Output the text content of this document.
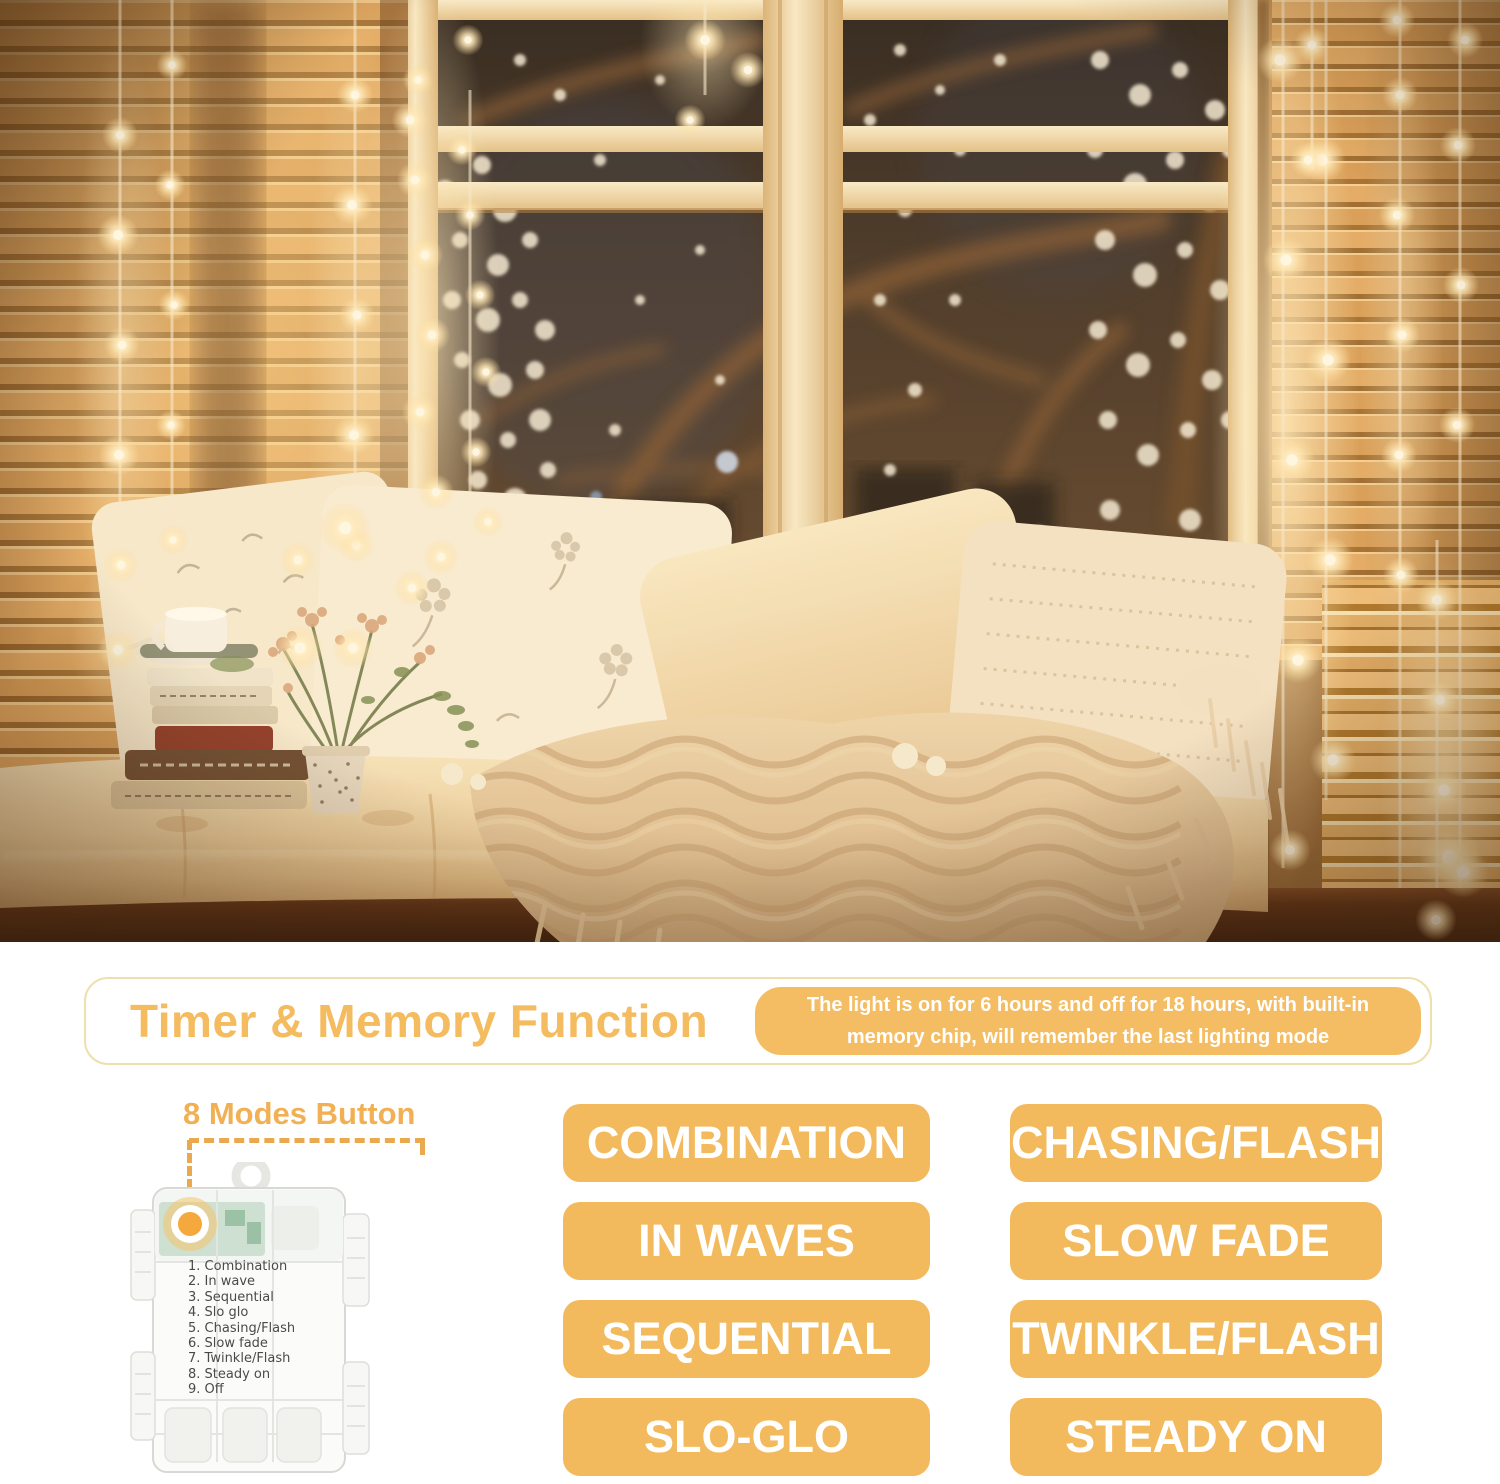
Timer & Memory Function	The light is on for 6 hours and off for 18 hours, with built-in memory chip, will remember the last lighting mode
8 Modes Button
1. Combination
2. In wave
3. Sequential
4. Slo glo
5. Chasing/Flash
6. Slow fade
7. Twinkle/Flash
8. Steady on
9. Off
COMBINATION	CHASING/FLASH
IN WAVES	SLOW FADE
SEQUENTIAL	TWINKLE/FLASH
SLO-GLO	STEADY ON
